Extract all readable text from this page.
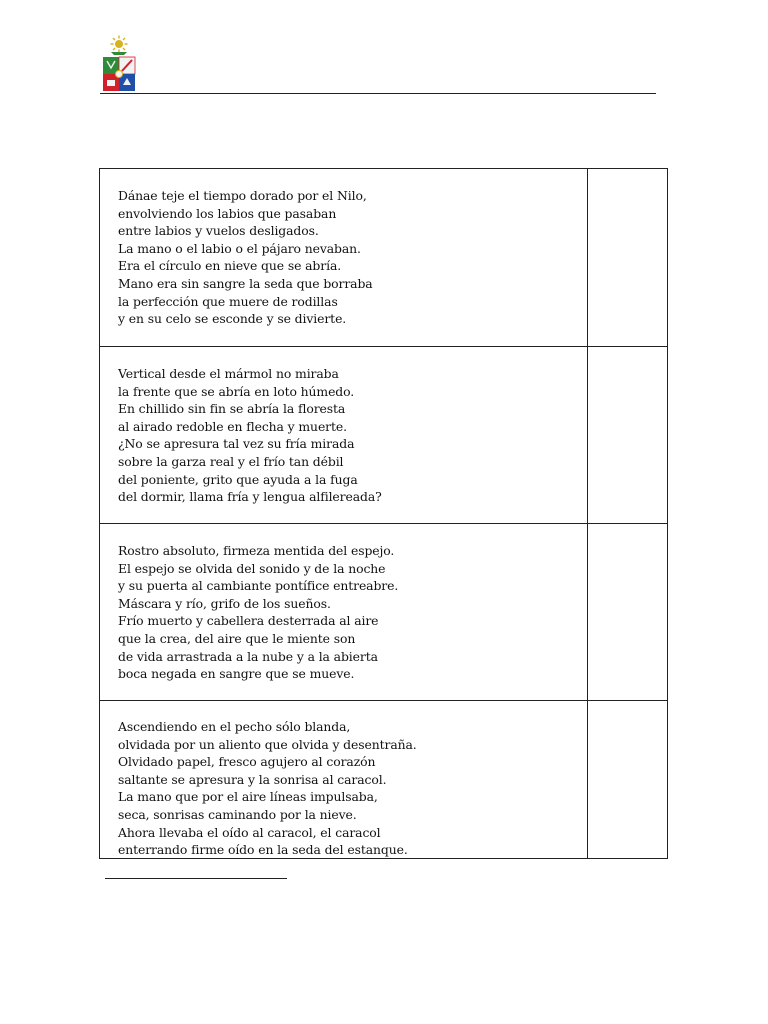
Dánae teje el tiempo dorado por el Nilo,
envolviendo los labios que pasaban
entre labios y vuelos desligados.
La mano o el labio o el pájaro nevaban.
Era el círculo en nieve que se abría.
Mano era sin sangre la seda que borraba
la perfección que muere de rodillas
y en su celo se esconde y se divierte.
Vertical desde el mármol no miraba
la frente que se abría en loto húmedo.
En chillido sin fin se abría la floresta
al airado redoble en flecha y muerte.
¿No se apresura tal vez su fría mirada
sobre la garza real y el frío tan débil
del poniente, grito que ayuda a la fuga
del dormir, llama fría y lengua alfilereada?
Rostro absoluto, firmeza mentida del espejo.
El espejo se olvida del sonido y de la noche
y su puerta al cambiante pontífice entreabre.
Máscara y río, grifo de los sueños.
Frío muerto y cabellera desterrada al aire
que la crea, del aire que le miente son
de vida arrastrada a la nube y a la abierta
boca negada en sangre que se mueve.
Ascendiendo en el pecho sólo blanda,
olvidada por un aliento que olvida y desentraña.
Olvidado papel, fresco agujero al corazón
saltante se apresura y la sonrisa al caracol.
La mano que por el aire líneas impulsaba,
seca, sonrisas caminando por la nieve.
Ahora llevaba el oído al caracol, el caracol
enterrando firme oído en la seda del estanque.
